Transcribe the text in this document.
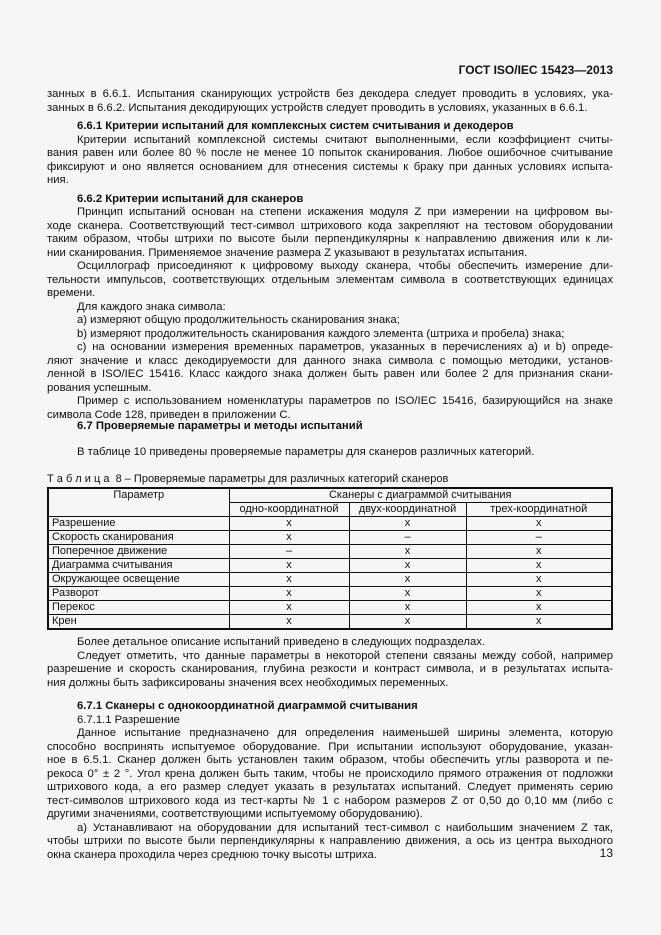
ГОСТ ISO/IEC 15423—2013
занных в 6.6.1. Испытания сканирующих устройств без декодера следует проводить в условиях, ука-
занных в 6.6.2. Испытания декодирующих устройств следует проводить в условиях, указанных в 6.6.1.
6.6.1 Критерии испытаний для комплексных систем считывания и декодеров
Критерии испытаний комплексной системы считают выполненными, если коэффициент считы-
вания равен или более 80 % после не менее 10 попыток сканирования. Любое ошибочное считывание
фиксируют и оно является основанием для отнесения системы к браку при данных условиях испыта-
ния.
6.6.2 Критерии испытаний для сканеров
Принцип испытаний основан на степени искажения модуля Z при измерении на цифровом вы-
ходе сканера. Соответствующий тест-символ штрихового кода закрепляют на тестовом оборудовании
таким образом, чтобы штрихи по высоте были перпендикулярны к направлению движения или к ли-
нии сканирования. Применяемое значение размера Z указывают в результатах испытания.
Осциллограф присоединяют к цифровому выходу сканера, чтобы обеспечить измерение дли-
тельности импульсов, соответствующих отдельным элементам символа в соответствующих единицах
времени.
Для каждого знака символа:
a) измеряют общую продолжительность сканирования знака;
b) измеряют продолжительность сканирования каждого элемента (штриха и пробела) знака;
c) на основании измерения временных параметров, указанных в перечислениях a) и b) опреде-
ляют значение и класс декодируемости для данного знака символа с помощью методики, установ-
ленной в ISO/IEC 15416. Класс каждого знака должен быть равен или более 2 для признания скани-
рования успешным.
Пример с использованием номенклатуры параметров по ISO/IEC 15416, базирующийся на знаке
символа Code 128, приведен в приложении C.
6.7 Проверяемые параметры и методы испытаний
В таблице 10 приведены проверяемые параметры для сканеров различных категорий.
Т а б л и ц а  8 – Проверяемые параметры для различных категорий сканеров
Параметр	Сканеры с диаграммой считывания		
	одно-координатной	двух-координатной	трех-координатной
Разрешение	x	x	x
Скорость сканирования	x	–	–
Поперечное движение	–	x	x
Диаграмма считывания	x	x	x
Окружающее освещение	x	x	x
Разворот	x	x	x
Перекос	x	x	x
Крен	x	x	x
Более детальное описание испытаний приведено в следующих подразделах.
Следует отметить, что данные параметры в некоторой степени связаны между собой, например
разрешение и скорость сканирования, глубина резкости и контраст символа, и в результатах испыта-
ния должны быть зафиксированы значения всех необходимых переменных.
6.7.1 Сканеры с однокоординатной диаграммой считывания
6.7.1.1 Разрешение
Данное испытание предназначено для определения наименьшей ширины элемента, которую
способно воспринять испытуемое оборудование. При испытании используют оборудование, указан-
ное в 6.5.1. Сканер должен быть установлен таким образом, чтобы обеспечить углы разворота и пе-
рекоса 0° ± 2 °. Угол крена должен быть таким, чтобы не происходило прямого отражения от подложки
штрихового кода, а его размер следует указать в результатах испытаний. Следует применять серию
тест-символов штрихового кода из тест-карты № 1 с набором размеров Z от 0,50 до 0,10 мм (либо с
другими значениями, соответствующими испытуемому оборудованию).
а) Устанавливают на оборудовании для испытаний тест-символ с наибольшим значением Z так,
чтобы штрихи по высоте были перпендикулярны к направлению движения, а ось из центра выходного
окна сканера проходила через среднюю точку высоты штриха.	13
